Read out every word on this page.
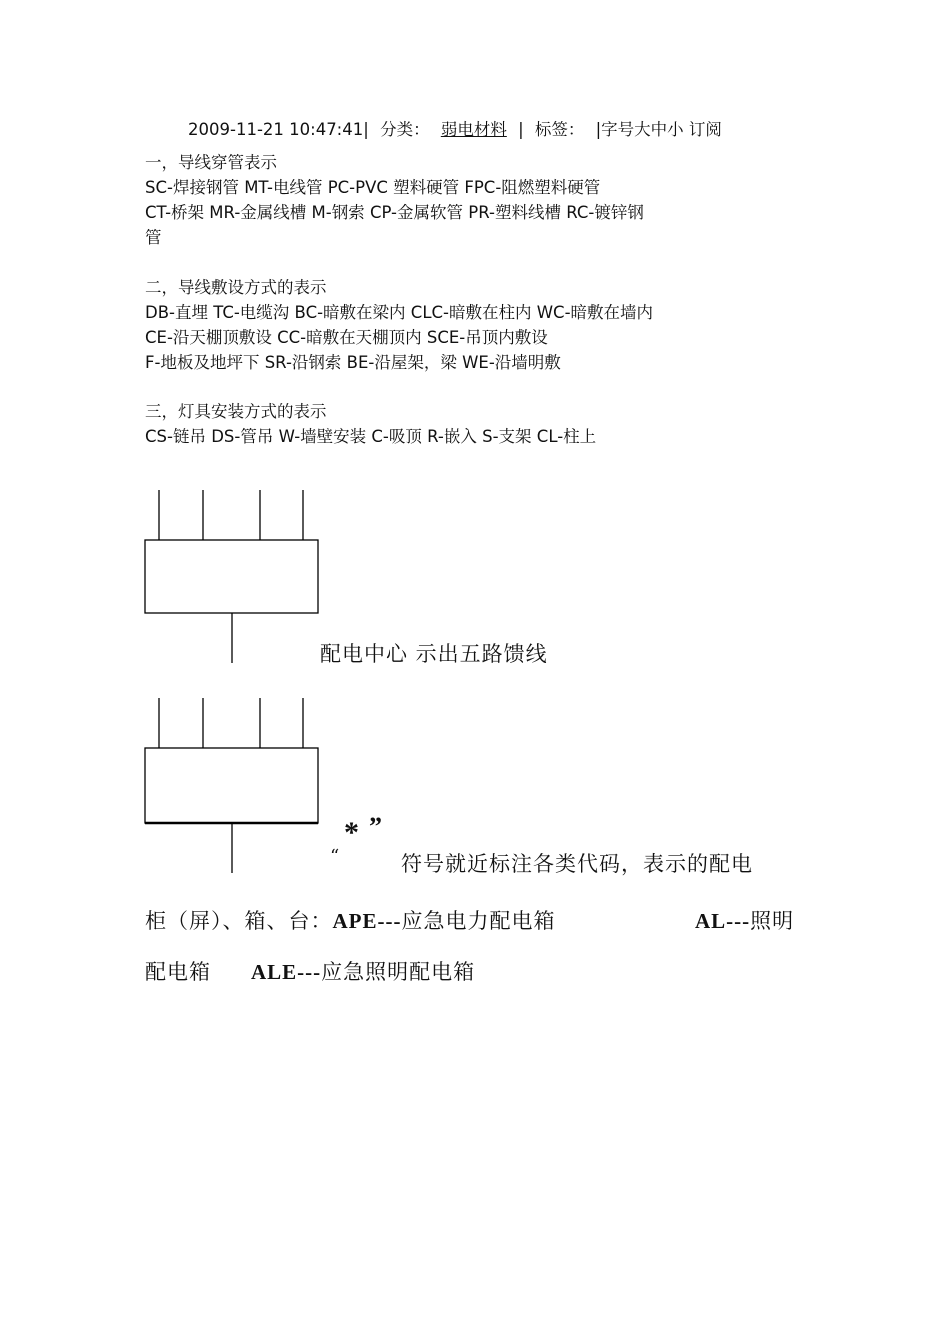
2009-11-21 10:47:41| 分类： 弱电材料 | 标签： |字号大中小 订阅
一，导线穿管表示
SC-焊接钢管 MT-电线管 PC-PVC 塑料硬管 FPC-阻燃塑料硬管
CT-桥架 MR-金属线槽 M-钢索 CP-金属软管 PR-塑料线槽 RC-镀锌钢
管
二，导线敷设方式的表示
DB-直埋 TC-电缆沟 BC-暗敷在梁内 CLC-暗敷在柱内 WC-暗敷在墙内
CE-沿天棚顶敷设 CC-暗敷在天棚顶内 SCE-吊顶内敷设
F-地板及地坪下 SR-沿钢索 BE-沿屋架，梁 WE-沿墙明敷
三，灯具安装方式的表示
CS-链吊 DS-管吊 W-墙壁安装 C-吸顶 R-嵌入 S-支架 CL-柱上
配电中心 示出五路馈线
* ”
“	符号就近标注各类代码，表示的配电
柜（屏）、箱、台：APE---应急电力配电箱	AL---照明
配电箱 ALE---应急照明配电箱
